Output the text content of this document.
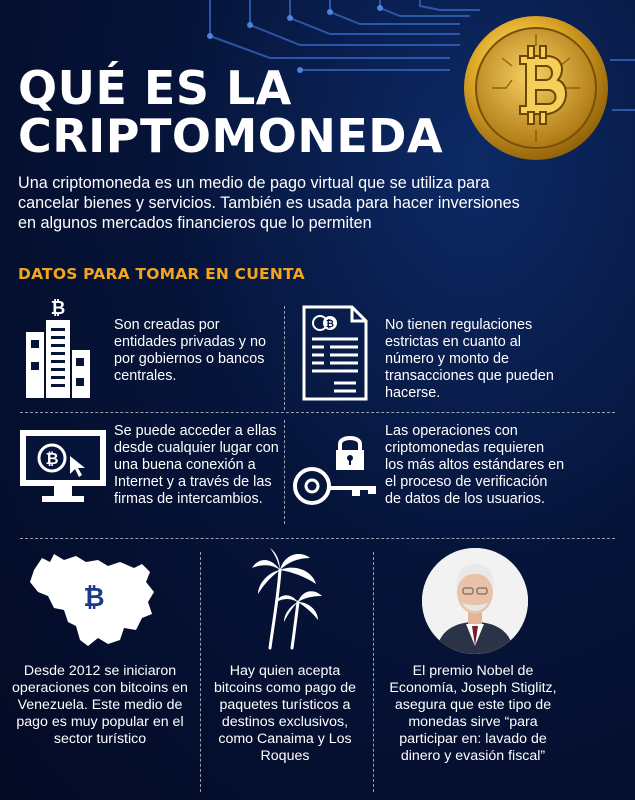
QUÉ ES LA
CRIPTOMONEDA

Una criptomoneda es un medio de pago virtual que se utiliza para cancelar bienes y servicios. También es usada para hacer inversiones en algunos mercados financieros que lo permiten

DATOS PARA TOMAR EN CUENTA
₿

Son creadas por entidades privadas y no por gobiernos o bancos centrales.

₿	No tienen regulaciones estrictas en cuanto al número y monto de transacciones que pueden hacerse.

₿

Se puede acceder a ellas desde cualquier lugar con una buena conexión a Internet y a través de las firmas de intercambios.

Las operaciones con criptomonedas requieren los más altos estándares en el proceso de verificación de datos de los usuarios.

₿

Desde 2012 se iniciaron operaciones con bitcoins en Venezuela. Este medio de pago es muy popular en el sector turístico

Hay quien acepta bitcoins como pago de paquetes turísticos a destinos exclusivos, como Canaima y Los Roques

El premio Nobel de Economía, Joseph Stiglitz, asegura que este tipo de monedas sirve “para participar en: lavado de dinero y evasión fiscal”
